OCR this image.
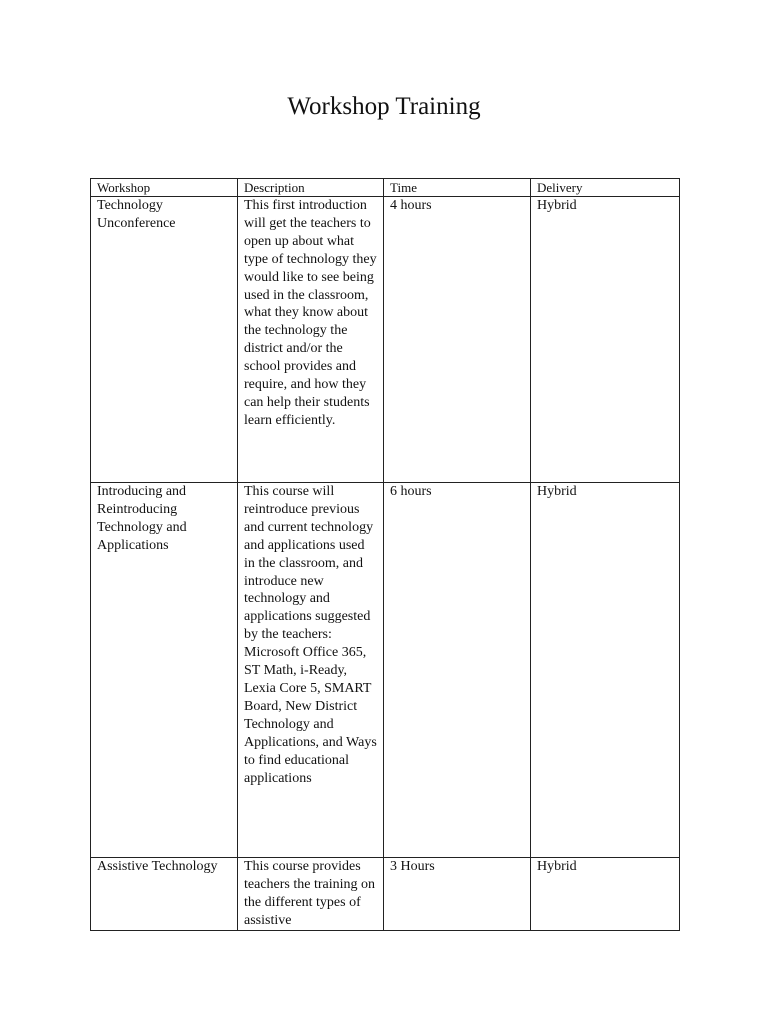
Workshop Training
Workshop	Description	Time	Delivery

Technology Unconference	This first introduction will get the teachers to open up about what type of technology they would like to see being used in the classroom, what they know about the technology the district and/or the school provides and require, and how they can help their students learn efficiently.	4 hours	Hybrid

Introducing and Reintroducing Technology and Applications	This course will reintroduce previous and current technology and applications used in the classroom, and introduce new technology and applications suggested by the teachers: Microsoft Office 365, ST Math, i-Ready, Lexia Core 5, SMART Board, New District Technology and Applications, and Ways to find educational applications	6 hours	Hybrid

Assistive Technology	This course provides teachers the training on the different types of assistive	3 Hours	Hybrid
